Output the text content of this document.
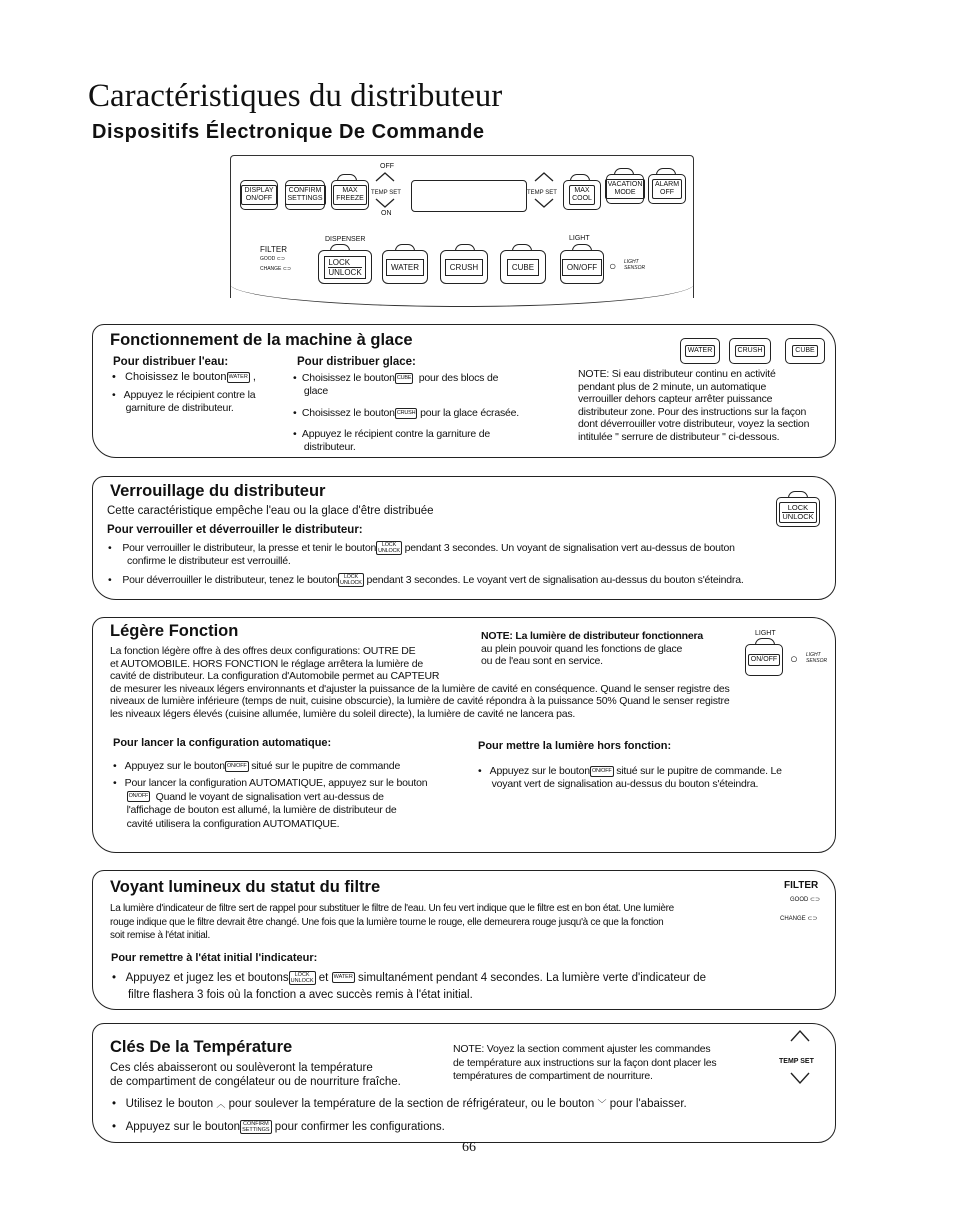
Caractéristiques du distributeur
Dispositifs Électronique De Commande
OFF
ON
DISPLAY
ON/OFF
CONFIRM
SETTINGS
MAX
FREEZE
TEMP SET	TEMP SET	MAX
COOL
VACATION
MODE
ALARM
OFF
FILTER
GOOD ⊂⊃
CHANGE ⊂⊃
DISPENSER	LIGHT
LOCK
UNLOCK
WATER	CRUSH	CUBE	ON/OFF ○ LIGHT
SENSOR
Fonctionnement de la machine à glace
WATER	CRUSH	CUBE
Pour distribuer l'eau:
•   Choisissez le bouton WATER ,
•   Appuyez le récipient contre la
garniture de distributeur.
Pour distribuer glace:
•  Choisissez le bouton CUBE pour des blocs de
glace
•  Choisissez le bouton CRUSH pour la glace écrasée.
•  Appuyez le récipient contre la garniture de
distributeur.
NOTE: Si eau distributeur continu en activité
pendant plus de 2 minute, un automatique
verrouiller dehors capteur arrêter puissance
distributeur zone. Pour des instructions sur la façon
dont déverrouiller votre distributeur, voyez la section
intitulée " serrure de distributeur " ci-dessous.
Verrouillage du distributeur
LOCK
UNLOCK
Cette caractéristique empêche l'eau ou la glace d'être distribuée
Pour verrouiller et déverrouiller le distributeur:
•    Pour verrouiller le distributeur, la presse et tenir le bouton LOCK
UNLOCK pendant 3 secondes. Un voyant de signalisation vert au-dessus de bouton
confirme le distributeur est verrouillé.
•    Pour déverrouiller le distributeur, tenez le bouton LOCK
UNLOCK pendant 3 secondes. Le voyant vert de signalisation au-dessus du bouton s'éteindra.
Légère Fonction
La fonction légère offre à des offres deux configurations: OUTRE DE
et AUTOMOBILE. HORS FONCTION le réglage arrêtera la lumière de
cavité de distributeur. La configuration d'Automobile permet au CAPTEUR
de mesurer les niveaux légers environnants et d'ajuster la puissance de la lumière de cavité en conséquence. Quand le senser registre des
niveaux de lumière inférieure (temps de nuit, cuisine obscurcie), la lumière de cavité répondra à la puissance 50% Quand le senser registre
les niveaux légers élevés (cuisine allumée, lumière du soleil directe), la lumière de cavité ne lancera pas.
NOTE: La lumière de distributeur fonctionnera
au plein pouvoir quand les fonctions de glace
ou de l'eau sont en service.
LIGHT
ON/OFF ○ LIGHT
SENSOR
Pour lancer la configuration automatique:	Pour mettre la lumière hors fonction:
•   Appuyez sur le bouton ON/OFF situé sur le pupitre de commande
•   Pour lancer la configuration AUTOMATIQUE, appuyez sur le bouton
ON/OFF Quand le voyant de signalisation vert au-dessus de
l'affichage de bouton est allumé, la lumière de distributeur de
cavité utilisera la configuration AUTOMATIQUE.
•   Appuyez sur le bouton ON/OFF situé sur le pupitre de commande. Le
voyant vert de signalisation au-dessus du bouton s'éteindra.
Voyant lumineux du statut du filtre	FILTER
GOOD ⊂⊃
CHANGE ⊂⊃
La lumière d'indicateur de filtre sert de rappel pour substituer le filtre de l'eau. Un feu vert indique que le filtre est en bon état. Une lumière
rouge indique que le filtre devrait être changé. Une fois que la lumière tourne le rouge, elle demeurera rouge jusqu'à ce que la fonction
soit remise à l'état initial.
Pour remettre à l'état initial l'indicateur:
•   Appuyez et jugez les et boutons LOCK
UNLOCK et WATER simultanément pendant 4 secondes. La lumière verte d'indicateur de
filtre flashera 3 fois où la fonction a avec succès remis à l'état initial.
Clés De la Température
Ces clés abaisseront ou soulèveront la température
de compartiment de congélateur ou de nourriture fraîche.
NOTE: Voyez la section comment ajuster les commandes
de température aux instructions sur la façon dont placer les
températures de compartiment de nourriture.
TEMP SET
•   Utilisez le bouton ︿ pour soulever la température de la section de réfrigérateur, ou le bouton ﹀ pour l'abaisser.
•   Appuyez sur le bouton CONFIRM
SETTINGS pour confirmer les configurations.
66
